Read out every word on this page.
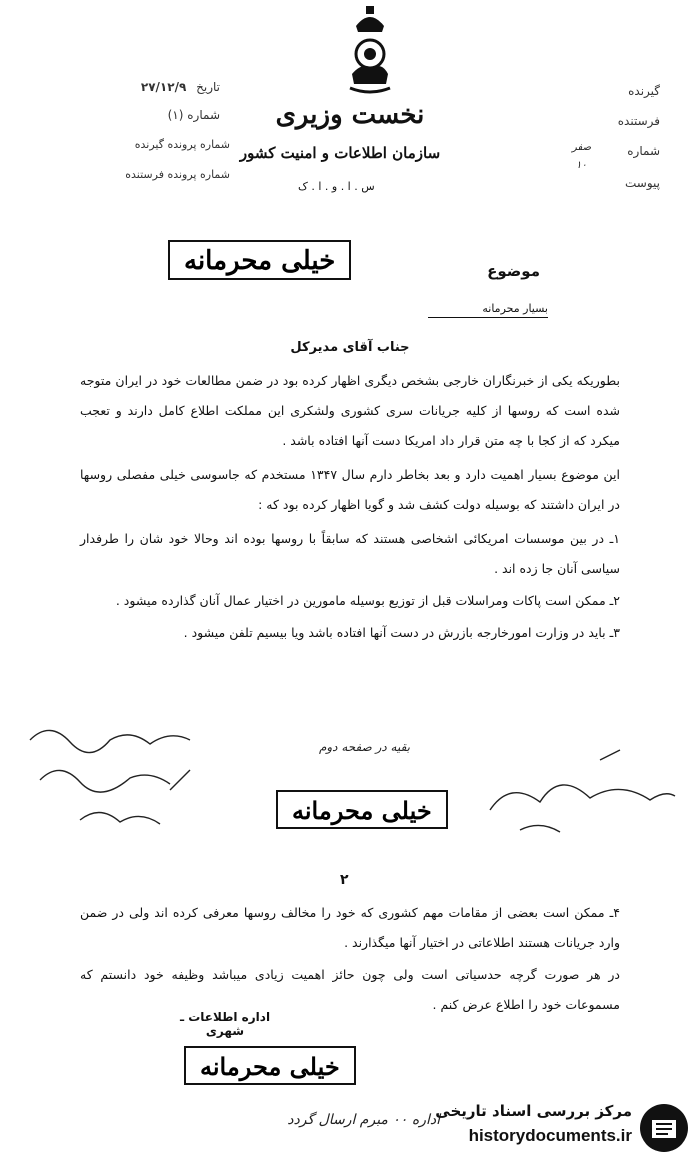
نخست وزیری
سازمان اطلاعات و امنیت کشور
س . ا . و . ا . ک
تاریخ ۲۷/۱۲/۹
شماره (۱)
شماره پرونده گیرنده
شماره پرونده فرستنده
گیرنده
فرستنده
شماره
پیوست
صفر
۱۰
خیلی محرمانه	موضوع
بسیار محرمانه
جناب آقای مدیرکل

بطوریکه یکی از خبرنگاران خارجی بشخص دیگری اظهار کرده بود در ضمن مطالعات خود در ایران متوجه شده است که روسها از کلیه جریانات سری کشوری ولشکری این مملکت اطلاع کامل دارند و تعجب میکرد که از کجا با چه متن قرار داد امریکا دست آنها افتاده باشد .

این موضوع بسیار اهمیت دارد و بعد بخاطر دارم سال ۱۳۴۷ مستخدم که جاسوسی خیلی مفصلی روسها در ایران داشتند که بوسیله دولت کشف شد و گویا اظهار کرده بود که :

۱ـ در بین موسسات امریکائی اشخاصی هستند که سابقاً با روسها بوده اند وحالا خود شان را طرفدار سیاسی آنان جا زده اند .

۲ـ ممکن است پاکات ومراسلات قبل از توزیع بوسیله مامورین در اختیار عمال آنان گذارده میشود .

۳ـ باید در وزارت امورخارجه بازرش در دست آنها افتاده باشد ویا بیسیم تلفن میشود .

بقیه در صفحه دوم
خیلی محرمانه
۲

۴ـ ممکن است بعضی از مقامات مهم کشوری که خود را مخالف روسها معرفی کرده اند ولی در ضمن وارد جریانات هستند اطلاعاتی در اختیار آنها میگذارند .

در هر صورت گرچه حدسیاتی است ولی چون حائز اهمیت زیادی میباشد وظیفه خود دانستم که مسموعات خود را اطلاع عرض کنم .

اداره اطلاعات ـ شهری
خیلی محرمانه
اداره ۰۰ مبرم ارسال گردد
مرکز بررسی اسناد تاریخی
historydocuments.ir
